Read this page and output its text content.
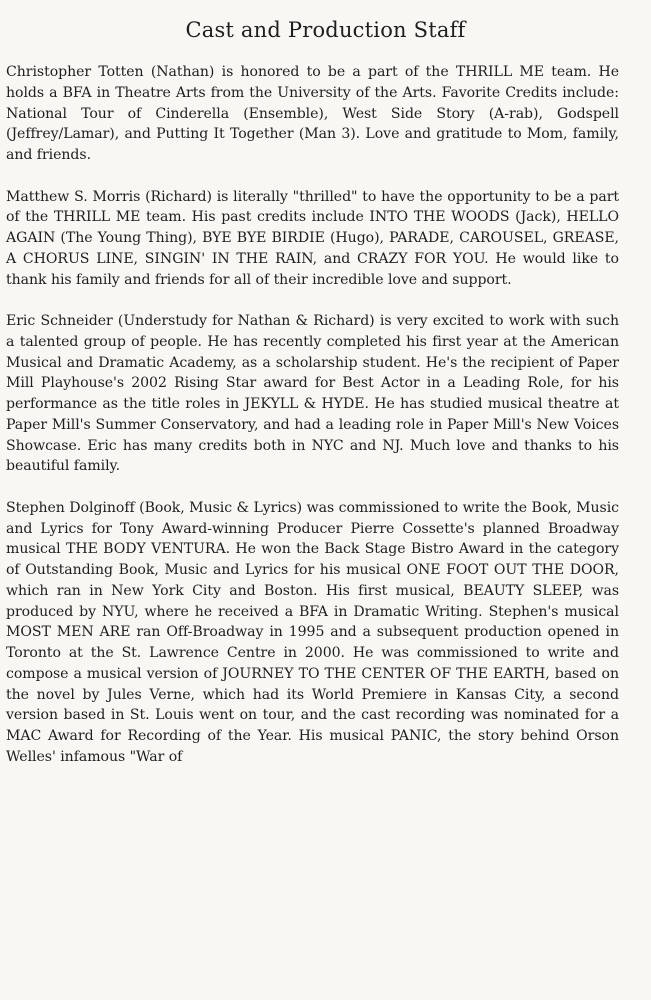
Cast and Production Staff

Christopher Totten (Nathan) is honored to be a part of the THRILL ME team. He holds a BFA in Theatre Arts from the University of the Arts. Favorite Credits include: National Tour of Cinderella (Ensemble), West Side Story (A-rab), Godspell (Jeffrey/Lamar), and Putting It Together (Man 3). Love and gratitude to Mom, family, and friends.

Matthew S. Morris (Richard) is literally "thrilled" to have the opportunity to be a part of the THRILL ME team. His past credits include INTO THE WOODS (Jack), HELLO AGAIN (The Young Thing), BYE BYE BIRDIE (Hugo), PARADE, CAROUSEL, GREASE, A CHORUS LINE, SINGIN' IN THE RAIN, and CRAZY FOR YOU. He would like to thank his family and friends for all of their incredible love and support.

Eric Schneider (Understudy for Nathan & Richard) is very excited to work with such a talented group of people. He has recently completed his first year at the American Musical and Dramatic Academy, as a scholarship student. He's the recipient of Paper Mill Playhouse's 2002 Rising Star award for Best Actor in a Leading Role, for his performance as the title roles in JEKYLL & HYDE. He has studied musical theatre at Paper Mill's Summer Conservatory, and had a leading role in Paper Mill's New Voices Showcase. Eric has many credits both in NYC and NJ. Much love and thanks to his beautiful family.

Stephen Dolginoff (Book, Music & Lyrics) was commissioned to write the Book, Music and Lyrics for Tony Award-winning Producer Pierre Cossette's planned Broadway musical THE BODY VENTURA. He won the Back Stage Bistro Award in the category of Outstanding Book, Music and Lyrics for his musical ONE FOOT OUT THE DOOR, which ran in New York City and Boston. His first musical, BEAUTY SLEEP, was produced by NYU, where he received a BFA in Dramatic Writing. Stephen's musical MOST MEN ARE ran Off-Broadway in 1995 and a subsequent production opened in Toronto at the St. Lawrence Centre in 2000. He was commissioned to write and compose a musical version of JOURNEY TO THE CENTER OF THE EARTH, based on the novel by Jules Verne, which had its World Premiere in Kansas City, a second version based in St. Louis went on tour, and the cast recording was nominated for a MAC Award for Recording of the Year. His musical PANIC, the story behind Orson Welles' infamous "War of
